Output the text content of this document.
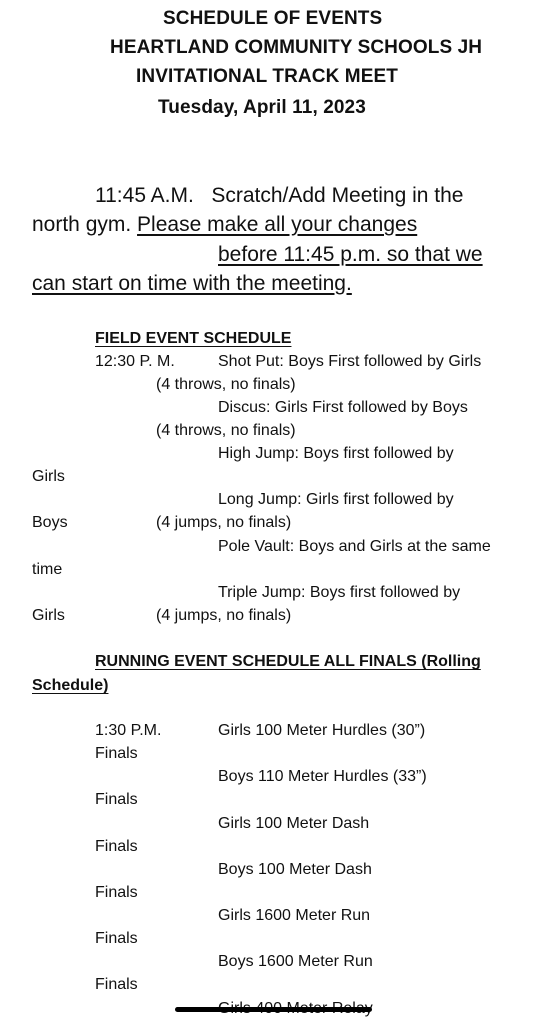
SCHEDULE OF EVENTS
HEARTLAND COMMUNITY SCHOOLS JH
INVITATIONAL TRACK MEET
Tuesday, April 11, 2023
11:45 A.M.   Scratch/Add Meeting in the
north gym. Please make all your changes
before 11:45 p.m. so that we
can start on time with the meeting.
FIELD EVENT SCHEDULE
12:30 P. M.	Shot Put: Boys First followed by Girls
(4 throws, no finals)
Discus: Girls First followed by Boys
(4 throws, no finals)
High Jump: Boys first followed by
Girls
Long Jump: Girls first followed by
Boys	(4 jumps, no finals)
Pole Vault: Boys and Girls at the same
time
Triple Jump: Boys first followed by
Girls	(4 jumps, no finals)
RUNNING EVENT SCHEDULE ALL FINALS (Rolling
Schedule)
1:30 P.M.	Girls 100 Meter Hurdles (30”)
Finals
Boys 110 Meter Hurdles (33”)
Finals
Girls 100 Meter Dash
Finals
Boys 100 Meter Dash
Finals
Girls 1600 Meter Run
Finals
Boys 1600 Meter Run
Finals
